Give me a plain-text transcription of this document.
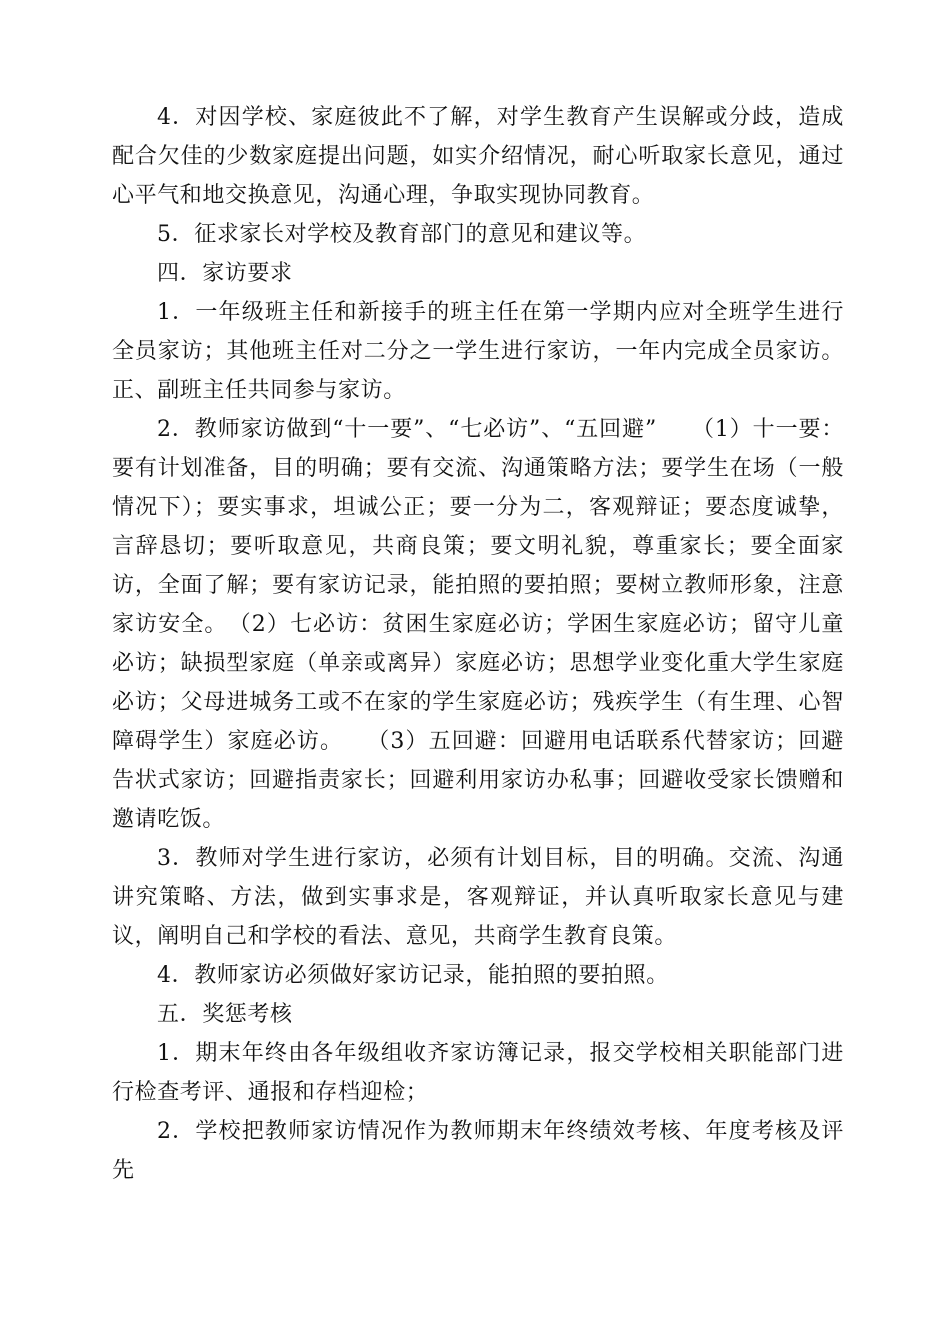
4．对因学校、家庭彼此不了解，对学生教育产生误解或分歧，造成配合欠佳的少数家庭提出问题，如实介绍情况，耐心听取家长意见，通过心平气和地交换意见，沟通心理，争取实现协同教育。

5．征求家长对学校及教育部门的意见和建议等。

四．家访要求

1．一年级班主任和新接手的班主任在第一学期内应对全班学生进行全员家访；其他班主任对二分之一学生进行家访，一年内完成全员家访。正、副班主任共同参与家访。

2．教师家访做到“十一要”、“七必访”、“五回避”　　（1）十一要：要有计划准备，目的明确；要有交流、沟通策略方法；要学生在场（一般情况下）；要实事求，坦诚公正；要一分为二，客观辩证；要态度诚挚，言辞恳切；要听取意见，共商良策；要文明礼貌，尊重家长；要全面家访，全面了解；要有家访记录，能拍照的要拍照；要树立教师形象，注意家访安全。　（2）七必访：贫困生家庭必访；学困生家庭必访；留守儿童必访；缺损型家庭（单亲或离异）家庭必访；思想学业变化重大学生家庭必访；父母进城务工或不在家的学生家庭必访；残疾学生（有生理、心智障碍学生）家庭必访。　　（3）五回避：回避用电话联系代替家访；回避告状式家访；回避指责家长；回避利用家访办私事；回避收受家长馈赠和邀请吃饭。

3．教师对学生进行家访，必须有计划目标，目的明确。交流、沟通讲究策略、方法，做到实事求是，客观辩证，并认真听取家长意见与建议，阐明自己和学校的看法、意见，共商学生教育良策。

4．教师家访必须做好家访记录，能拍照的要拍照。

五．奖惩考核

1．期末年终由各年级组收齐家访簿记录，报交学校相关职能部门进行检查考评、通报和存档迎检；

2．学校把教师家访情况作为教师期末年终绩效考核、年度考核及评先
